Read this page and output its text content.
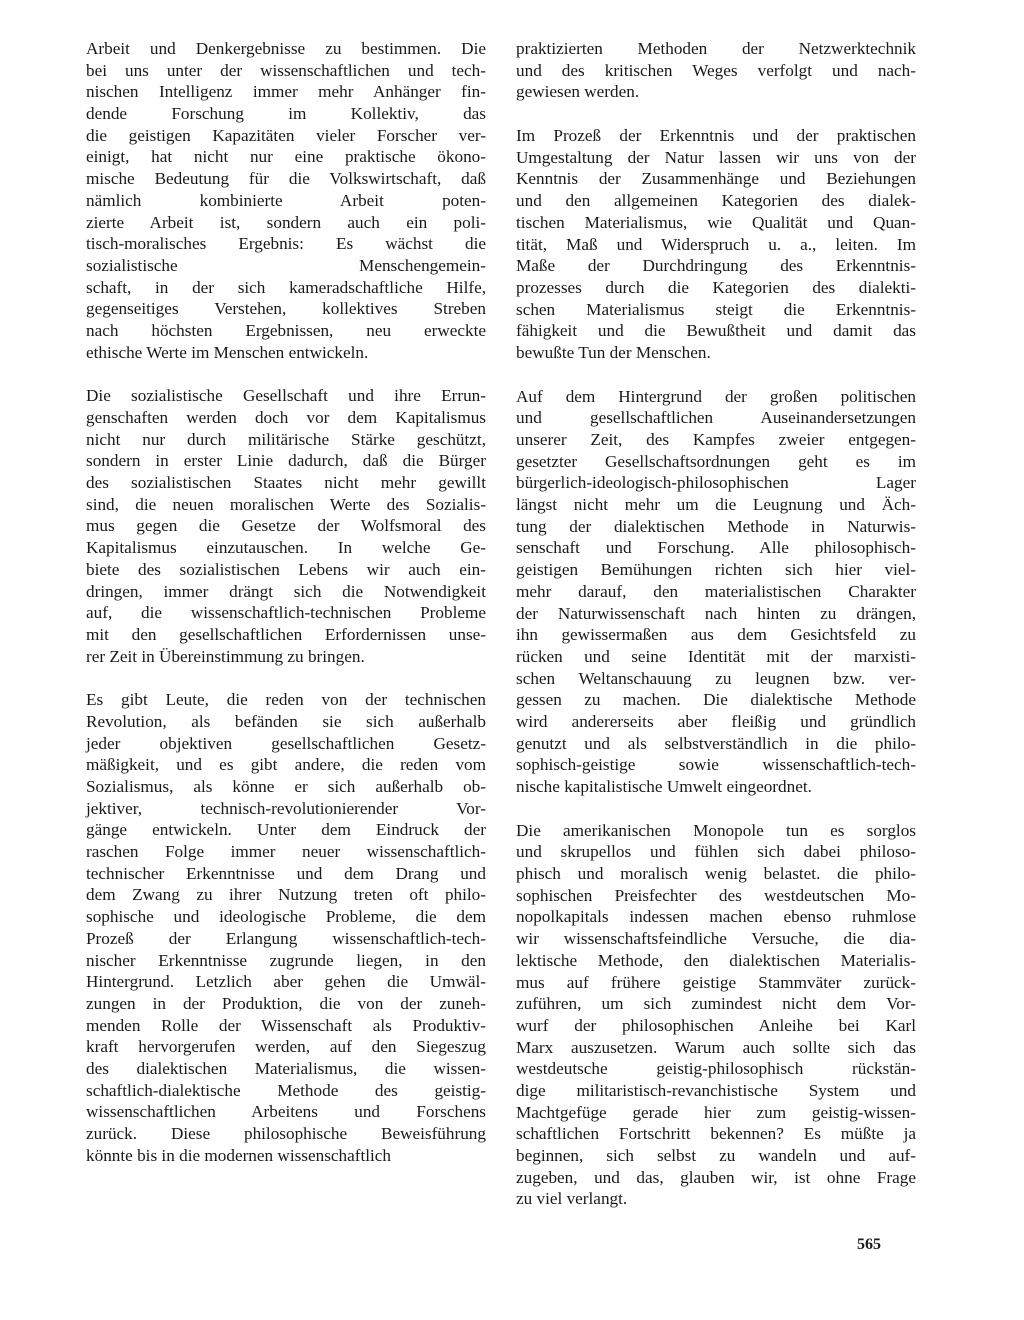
Arbeit und Denkergebnisse zu bestimmen. Die
bei uns unter der wissenschaftlichen und tech-
nischen Intelligenz immer mehr Anhänger fin-
dende Forschung im Kollektiv, das
die geistigen Kapazitäten vieler Forscher ver-
einigt, hat nicht nur eine praktische ökono-
mische Bedeutung für die Volkswirtschaft, daß
nämlich kombinierte Arbeit poten-
zierte Arbeit ist, sondern auch ein poli-
tisch-moralisches Ergebnis: Es wächst die
sozialistische Menschengemein-
schaft, in der sich kameradschaftliche Hilfe,
gegenseitiges Verstehen, kollektives Streben
nach höchsten Ergebnissen, neu erweckte
ethische Werte im Menschen entwickeln.
Die sozialistische Gesellschaft und ihre Errun-
genschaften werden doch vor dem Kapitalismus
nicht nur durch militärische Stärke geschützt,
sondern in erster Linie dadurch, daß die Bürger
des sozialistischen Staates nicht mehr gewillt
sind, die neuen moralischen Werte des Sozialis-
mus gegen die Gesetze der Wolfsmoral des
Kapitalismus einzutauschen. In welche Ge-
biete des sozialistischen Lebens wir auch ein-
dringen, immer drängt sich die Notwendigkeit
auf, die wissenschaftlich-technischen Probleme
mit den gesellschaftlichen Erfordernissen unse-
rer Zeit in Übereinstimmung zu bringen.
Es gibt Leute, die reden von der technischen
Revolution, als befänden sie sich außerhalb
jeder objektiven gesellschaftlichen Gesetz-
mäßigkeit, und es gibt andere, die reden vom
Sozialismus, als könne er sich außerhalb ob-
jektiver, technisch-revolutionierender Vor-
gänge entwickeln. Unter dem Eindruck der
raschen Folge immer neuer wissenschaftlich-
technischer Erkenntnisse und dem Drang und
dem Zwang zu ihrer Nutzung treten oft philo-
sophische und ideologische Probleme, die dem
Prozeß der Erlangung wissenschaftlich-tech-
nischer Erkenntnisse zugrunde liegen, in den
Hintergrund. Letzlich aber gehen die Umwäl-
zungen in der Produktion, die von der zuneh-
menden Rolle der Wissenschaft als Produktiv-
kraft hervorgerufen werden, auf den Siegeszug
des dialektischen Materialismus, die wissen-
schaftlich-dialektische Methode des geistig-
wissenschaftlichen Arbeitens und Forschens
zurück. Diese philosophische Beweisführung
könnte bis in die modernen wissenschaftlich
praktizierten Methoden der Netzwerktechnik
und des kritischen Weges verfolgt und nach-
gewiesen werden.
Im Prozeß der Erkenntnis und der praktischen
Umgestaltung der Natur lassen wir uns von der
Kenntnis der Zusammenhänge und Beziehungen
und den allgemeinen Kategorien des dialek-
tischen Materialismus, wie Qualität und Quan-
tität, Maß und Widerspruch u. a., leiten. Im
Maße der Durchdringung des Erkenntnis-
prozesses durch die Kategorien des dialekti-
schen Materialismus steigt die Erkenntnis-
fähigkeit und die Bewußtheit und damit das
bewußte Tun der Menschen.
Auf dem Hintergrund der großen politischen
und gesellschaftlichen Auseinandersetzungen
unserer Zeit, des Kampfes zweier entgegen-
gesetzter Gesellschaftsordnungen geht es im
bürgerlich-ideologisch-philosophischen Lager
längst nicht mehr um die Leugnung und Äch-
tung der dialektischen Methode in Naturwis-
senschaft und Forschung. Alle philosophisch-
geistigen Bemühungen richten sich hier viel-
mehr darauf, den materialistischen Charakter
der Naturwissenschaft nach hinten zu drängen,
ihn gewissermaßen aus dem Gesichtsfeld zu
rücken und seine Identität mit der marxisti-
schen Weltanschauung zu leugnen bzw. ver-
gessen zu machen. Die dialektische Methode
wird andererseits aber fleißig und gründlich
genutzt und als selbstverständlich in die philo-
sophisch-geistige sowie wissenschaftlich-tech-
nische kapitalistische Umwelt eingeordnet.
Die amerikanischen Monopole tun es sorglos
und skrupellos und fühlen sich dabei philoso-
phisch und moralisch wenig belastet. die philo-
sophischen Preisfechter des westdeutschen Mo-
nopolkapitals indessen machen ebenso ruhmlose
wir wissenschaftsfeindliche Versuche, die dia-
lektische Methode, den dialektischen Materialis-
mus auf frühere geistige Stammväter zurück-
zuführen, um sich zumindest nicht dem Vor-
wurf der philosophischen Anleihe bei Karl
Marx auszusetzen. Warum auch sollte sich das
westdeutsche geistig-philosophisch rückstän-
dige militaristisch-revanchistische System und
Machtgefüge gerade hier zum geistig-wissen-
schaftlichen Fortschritt bekennen? Es müßte ja
beginnen, sich selbst zu wandeln und auf-
zugeben, und das, glauben wir, ist ohne Frage
zu viel verlangt.
565
